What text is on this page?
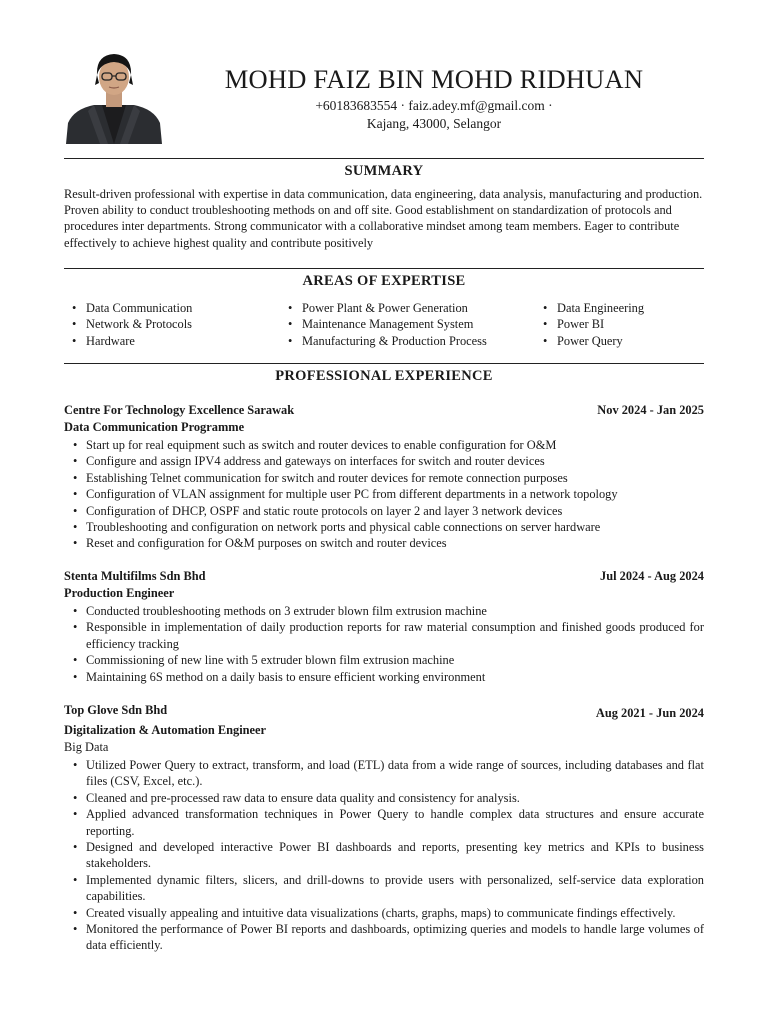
MOHD FAIZ BIN MOHD RIDHUAN
+60183683554 · faiz.adey.mf@gmail.com ·
Kajang, 43000, Selangor
SUMMARY

Result-driven professional with expertise in data communication, data engineering, data analysis, manufacturing and production. Proven ability to conduct troubleshooting methods on and off site. Good establishment on standardization of protocols and procedures inter departments. Strong communicator with a collaborative mindset among team members. Eager to contribute effectively to achieve highest quality and contribute positively

AREAS OF EXPERTISE
• Data Communication
• Network & Protocols
• Hardware
• Power Plant & Power Generation
• Maintenance Management System
• Manufacturing & Production Process
• Data Engineering
• Power BI
• Power Query
PROFESSIONAL EXPERIENCE
Centre For Technology Excellence Sarawak	Nov 2024 - Jan 2025
Data Communication Programme
• Start up for real equipment such as switch and router devices to enable configuration for O&M
• Configure and assign IPV4 address and gateways on interfaces for switch and router devices
• Establishing Telnet communication for switch and router devices for remote connection purposes
• Configuration of VLAN assignment for multiple user PC from different departments in a network topology
• Configuration of DHCP, OSPF and static route protocols on layer 2 and layer 3 network devices
• Troubleshooting and configuration on network ports and physical cable connections on server hardware
• Reset and configuration for O&M purposes on switch and router devices
Stenta Multifilms Sdn Bhd	Jul 2024 - Aug 2024
Production Engineer
• Conducted troubleshooting methods on 3 extruder blown film extrusion machine
• Responsible in implementation of daily production reports for raw material consumption and finished goods produced for efficiency tracking
• Commissioning of new line with 5 extruder blown film extrusion machine
• Maintaining 6S method on a daily basis to ensure efficient working environment
Top Glove Sdn Bhd	Aug 2021 - Jun 2024
Digitalization & Automation Engineer
Big Data
• Utilized Power Query to extract, transform, and load (ETL) data from a wide range of sources, including databases and flat files (CSV, Excel, etc.).
• Cleaned and pre-processed raw data to ensure data quality and consistency for analysis.
• Applied advanced transformation techniques in Power Query to handle complex data structures and ensure accurate reporting.
• Designed and developed interactive Power BI dashboards and reports, presenting key metrics and KPIs to business stakeholders.
• Implemented dynamic filters, slicers, and drill-downs to provide users with personalized, self-service data exploration capabilities.
• Created visually appealing and intuitive data visualizations (charts, graphs, maps) to communicate findings effectively.
• Monitored the performance of Power BI reports and dashboards, optimizing queries and models to handle large volumes of data efficiently.
